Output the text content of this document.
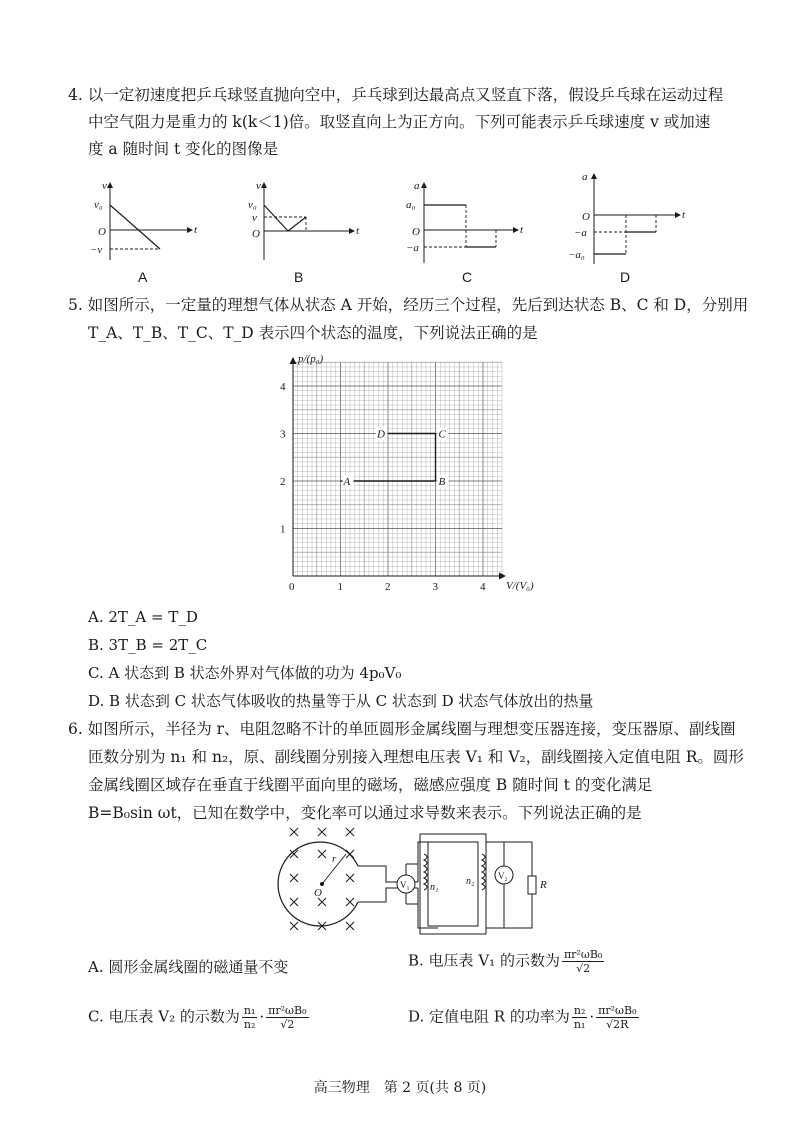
4. 以一定初速度把乒乓球竖直抛向空中，乒乓球到达最高点又竖直下落，假设乒乓球在运动过程
中空气阻力是重力的 k(k＜1)倍。取竖直向上为正方向。下列可能表示乒乓球速度 v 或加速
度 a 随时间 t 变化的图像是
v
t
O
v₀
−v
A
v
t
O
v₀
v
B
a
t
O
a₀
−a
C
a
t
O
−a
−a₀
D
5. 如图所示，一定量的理想气体从状态 A 开始，经历三个过程，先后到达状态 B、C 和 D，分别用
T_A、T_B、T_C、T_D 表示四个状态的温度，下列说法正确的是
p/(p₀)
V/(V₀)
0	1	2	3	4
1
2
3
4
A	B
C
D
A. 2T_A = T_D
B. 3T_B = 2T_C
C. A 状态到 B 状态外界对气体做的功为 4p₀V₀
D. B 状态到 C 状态气体吸收的热量等于从 C 状态到 D 状态气体放出的热量
6. 如图所示，半径为 r、电阻忽略不计的单匝圆形金属线圈与理想变压器连接，变压器原、副线圈
匝数分别为 n₁ 和 n₂，原、副线圈分别接入理想电压表 V₁ 和 V₂，副线圈接入定值电阻 R。圆形
金属线圈区域存在垂直于线圈平面向里的磁场，磁感应强度 B 随时间 t 的变化满足
B=B₀sin ωt，已知在数学中，变化率可以通过求导数来表示。下列说法正确的是
r
O
V₁ n₁
n₂	V₂
R
A. 圆形金属线圈的磁通量不变	B. 电压表 V₁ 的示数为 $\frac{\text{πr²ωB₀}}{√2}$
C. 电压表 V₂ 的示数为 $\frac{\text{n₁}}{\text{n₂}} \cdot \frac{\text{πr²ωB₀}}{√2}$	D. 定值电阻 R 的功率为 $\frac{\text{n₂}}{\text{n₁}} \cdot \frac{\text{πr²ωB₀}}{√2R}$
高三物理　第 2 页(共 8 页)
